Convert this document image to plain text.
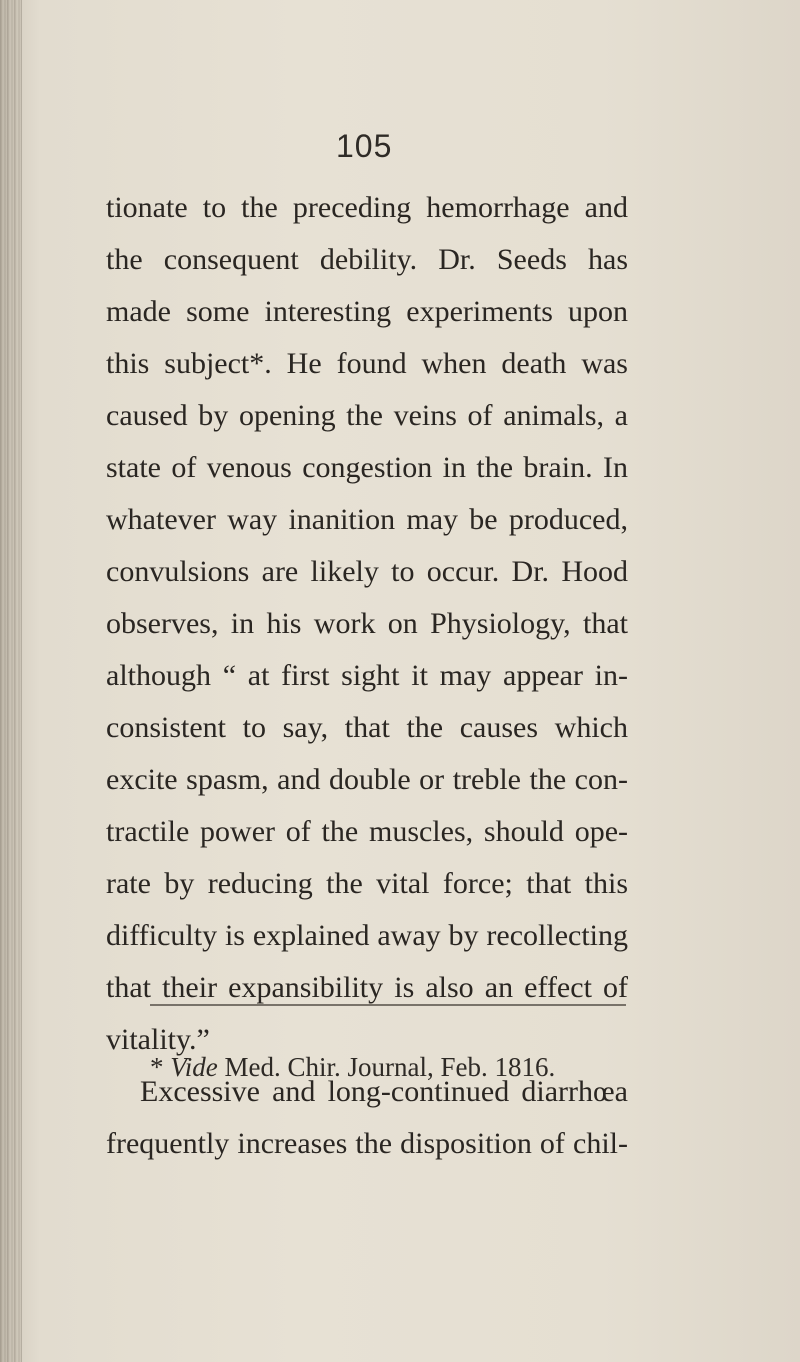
105
tionate to the preceding hemorrhage and
the consequent debility. Dr. Seeds has
made some interesting experiments upon
this subject*. He found when death was
caused by opening the veins of animals, a
state of venous congestion in the brain. In
whatever way inanition may be produced,
convulsions are likely to occur. Dr. Hood
observes, in his work on Physiology, that
although “ at first sight it may appear in-
consistent to say, that the causes which
excite spasm, and double or treble the con-
tractile power of the muscles, should ope-
rate by reducing the vital force; that this
difficulty is explained away by recollecting
that their expansibility is also an effect of
vitality.”
Excessive and long-continued diarrhœa
frequently increases the disposition of chil-
* Vide Med. Chir. Journal, Feb. 1816.
